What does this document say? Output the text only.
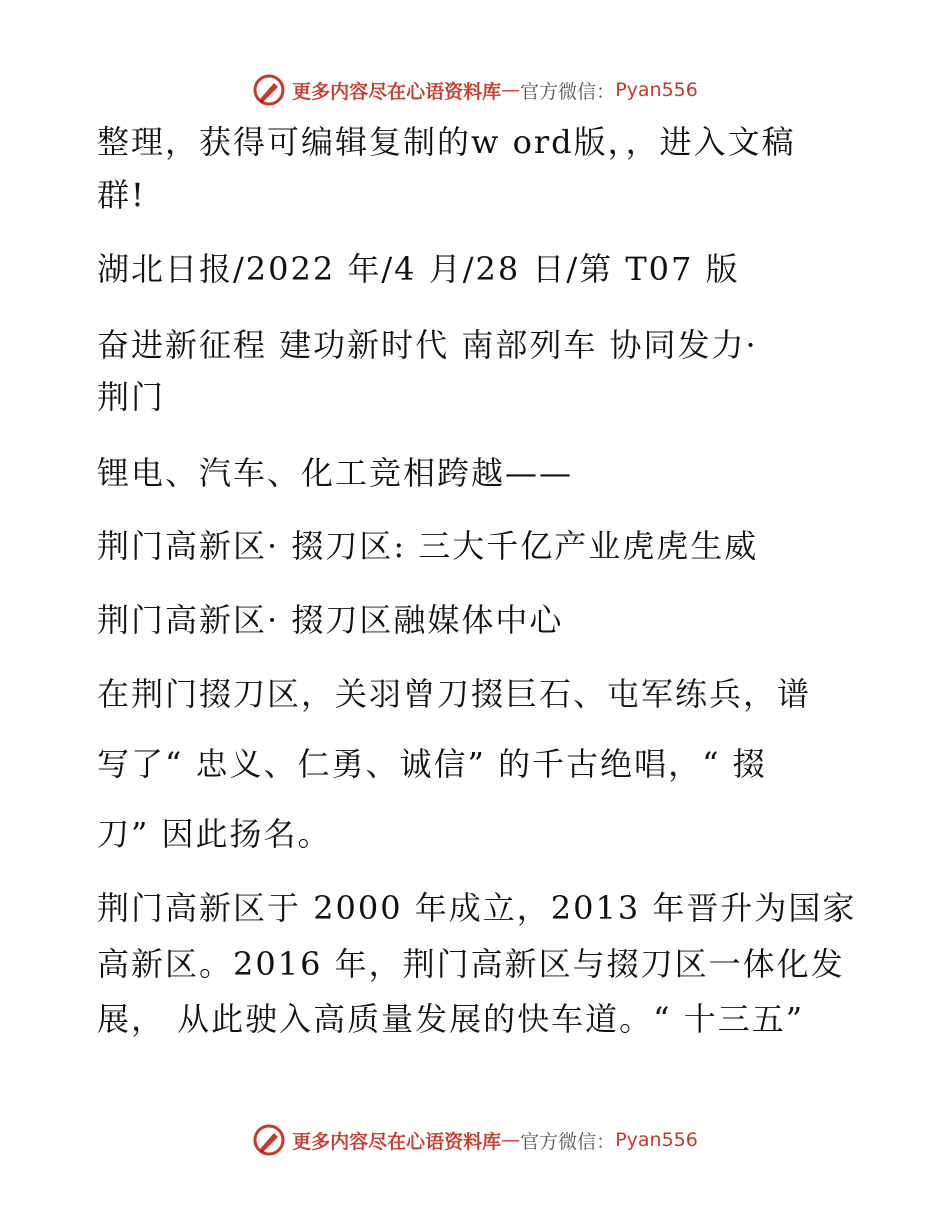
更多内容尽在心语资料库 — 官方微信： Pyan556
整理，获得可编辑复制的w ord版，，进入文稿
群!
湖北日报/2022 年/4 月/28 日/第 T07 版
奋进新征程 建功新时代 南部列车 协同发力·
荆门
锂电、汽车、化工竞相跨越——
荆门高新区· 掇刀区: 三大千亿产业虎虎生威
荆门高新区· 掇刀区融媒体中心
在荆门掇刀区，关羽曾刀掇巨石、屯军练兵，谱
写了“ 忠义、仁勇、诚信” 的千古绝唱，“ 掇
刀” 因此扬名。
荆门高新区于 2000 年成立，2013 年晋升为国家
高新区。2016 年，荆门高新区与掇刀区一体化发
展， 从此驶入高质量发展的快车道。“ 十三五”
更多内容尽在心语资料库 — 官方微信： Pyan556
